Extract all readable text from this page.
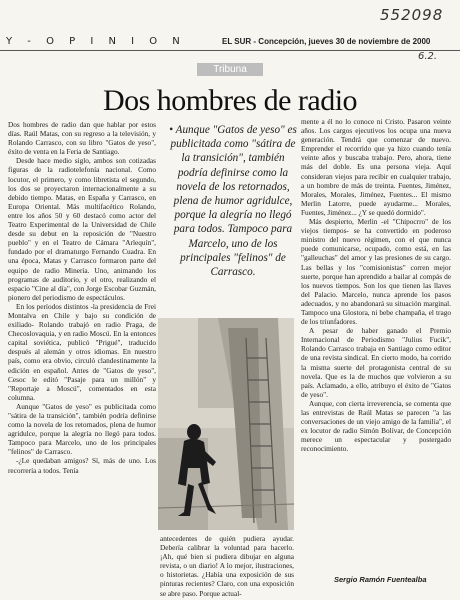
552098
6.2.
Y - O P I N I O N	EL SUR - Concepción, jueves 30 de noviembre de 2000
Tribuna
Dos hombres de radio

Dos hombres de radio dan que hablar por estos días. Raúl Matas, con su regreso a la televisión, y Rolando Carrasco, con su libro "Gatos de yeso", éxito de venta en la Feria de Santiago.

Desde hace medio siglo, ambos son cotizadas figuras de la radiotelefonía nacional. Como locutor, el primero, y como libretista el segundo, los dos se proyectaron internacionalmente a su debido tiempo. Matas, en España y Carrasco, en Europa Oriental. Más multifacético Rolando, entre los años 50 y 60 destacó como actor del Teatro Experimental de la Universidad de Chile desde su debut en la reposición de "Nuestro pueblo" y en el Teatro de Cámara "Arlequín", fundado por el dramaturgo Fernando Cuadra. En una época, Matas y Carrasco formaron parte del equipo de radio Minería. Uno, animando los programas de auditorio, y el otro, realizando el espacio "Cine al día", con Jorge Escobar Guzmán, pionero del periodismo de espectáculos.

En los períodos distintos -la presidencia de Frei Montalva en Chile y bajo su condición de exiliado- Rolando trabajó en radio Praga, de Checoslovaquia, y en radio Moscú. En la entonces capital soviética, publicó "Prigué", traducido después al alemán y otros idiomas. En nuestro país, como era obvio, circuló clandestinamente la edición en español. Antes de "Gatos de yeso", Cesoc le editó "Pasaje para un millón" y "Reportaje a Moscú", comentados en esta columna.

Aunque "Gatos de yeso" es publicitada como "sátira de la transición", también podría definirse como la novela de los retornados, plena de humor agridulce, porque la alegría no llegó para todos. Tampoco para Marcelo, uno de los principales "felinos" de Carrasco.

-¿Le quedaban amigos? Sí, más de uno. Los recorrería a todos. Tenía

• Aunque "Gatos de yeso" es publicitada como "sátira de la transición", también podría definirse como la novela de los retornados, plena de humor agridulce, porque la alegría no llegó para todos. Tampoco para Marcelo, uno de los principales "felinos" de Carrasco.
antecedentes de quién pudiera ayudar. Debería calibrar la voluntad para hacerlo. ¡Ah, qué bien si pudiera dibujar en alguna revista, o un diario! A lo mejor, ilustraciones, o historietas. ¿Había una exposición de sus pinturas recientes? Claro, con una exposición se abre paso. Porque actual-

mente a él no lo conoce ni Cristo. Pasaron veinte años. Los cargos ejecutivos los ocupa una nueva generación. Tendrá que comenzar de nuevo. Emprender el recorrido que ya hizo cuando tenía veinte años y buscaba trabajo. Pero, ahora, tiene más del doble. Es una persona vieja. Aquí consideran viejos para recibir en cualquier trabajo, a un hombre de más de treinta. Fuentes, Jiménez, Morales, Morales, Jiménez, Fuentes... El mismo Merlin Latorre, puede ayudarme... Morales, Fuentes, Jiménez... ¿Y se quedó dormido".

Más despierto, Merlin -el "Chipocrro" de los viejos tiempos- se ha convertido en poderoso ministro del nuevo régimen, con el que nunca puede comunicarse, ocupado, como está, en las "galleuchas" del amor y las presiones de su cargo. Las bellas y los "comisionistas" corren mejor suerte, porque han aprendido a bailar al compás de los nuevos tiempos. Son los que tienen las llaves del Palacio. Marcelo, nunca aprende los pasos adecuados, y no abandonará su situación marginal. Tampoco una Glostora, ni bebe champaña, el trago de los triunfadores.

A pesar de haber ganado el Premio Internacional de Periodismo "Julius Fucik", Rolando Carrasco trabaja en Santiago como editor de una revista sindical. En cierto modo, ha corrido la misma suerte del protagonista central de su novela. Que es la de muchos que volvieron a su país. Aclamado, a ello, atribuyo el éxito de "Gatos de yeso".

Aunque, con cierta irreverencia, se comenta que las entrevistas de Raúl Matas se parecen "a las conversaciones de un viejo amigo de la familia", el ex locutor de radio Simón Bolívar, de Concepción merece un espectacular y postergado reconocimiento.

Sergio Ramón Fuentealba
